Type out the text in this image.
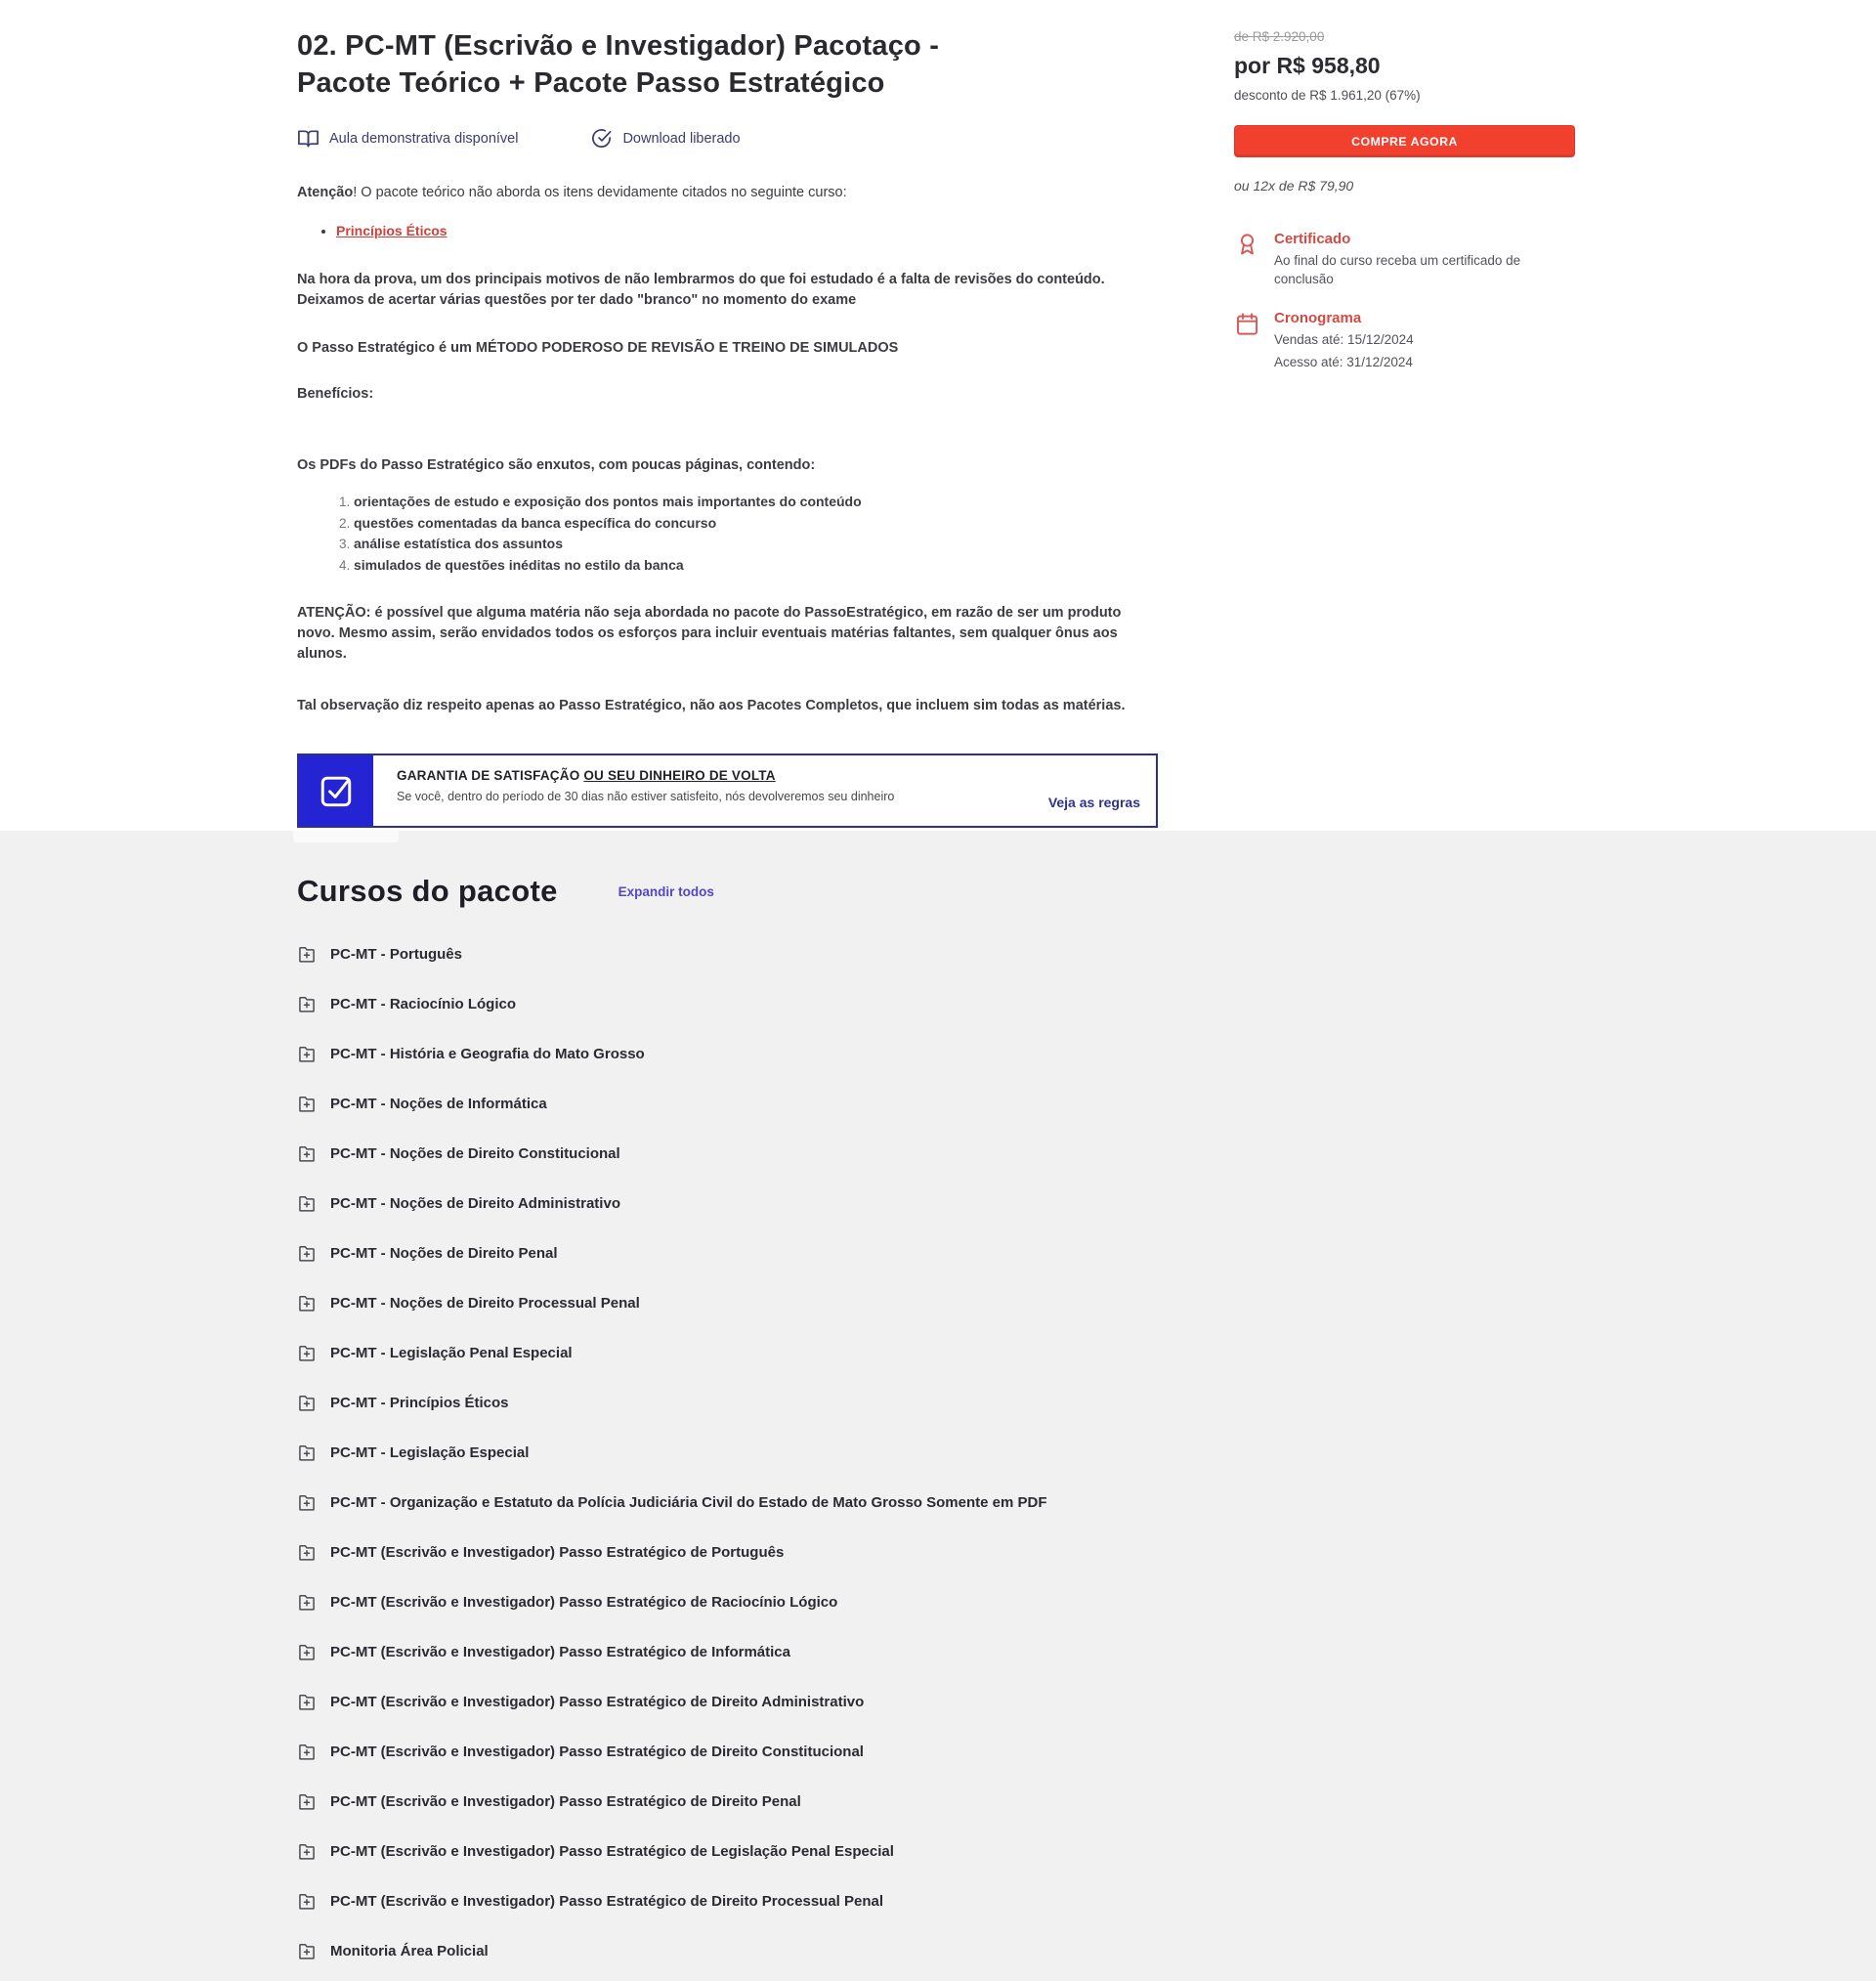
02. PC-MT (Escrivão e Investigador) Pacotaço - Pacote Teórico + Pacote Passo Estratégico
Aula demonstrativa disponível	Download liberado

Atenção! O pacote teórico não aborda os itens devidamente citados no seguinte curso:

• Princípios Éticos

Na hora da prova, um dos principais motivos de não lembrarmos do que foi estudado é a falta de revisões do conteúdo. Deixamos de acertar várias questões por ter dado "branco" no momento do exame

O Passo Estratégico é um MÉTODO PODEROSO DE REVISÃO E TREINO DE SIMULADOS

Benefícios:

Os PDFs do Passo Estratégico são enxutos, com poucas páginas, contendo:

1. orientações de estudo e exposição dos pontos mais importantes do conteúdo
2. questões comentadas da banca específica do concurso
3. análise estatística dos assuntos
4. simulados de questões inéditas no estilo da banca

ATENÇÃO: é possível que alguma matéria não seja abordada no pacote do PassoEstratégico, em razão de ser um produto novo. Mesmo assim, serão envidados todos os esforços para incluir eventuais matérias faltantes, sem qualquer ônus aos alunos.

Tal observação diz respeito apenas ao Passo Estratégico, não aos Pacotes Completos, que incluem sim todas as matérias.

GARANTIA DE SATISFAÇÃO OU SEU DINHEIRO DE VOLTA
Se você, dentro do período de 30 dias não estiver satisfeito, nós devolveremos seu dinheiro	Veja as regras
de R$ 2.920,00
por R$ 958,80
desconto de R$ 1.961,20 (67%)
COMPRE AGORA
ou 12x de R$ 79,90
Certificado
Ao final do curso receba um certificado de conclusão
Cronograma
Vendas até: 15/12/2024
Acesso até: 31/12/2024
Cursos do pacote	Expandir todos
PC-MT - Português
PC-MT - Raciocínio Lógico
PC-MT - História e Geografia do Mato Grosso
PC-MT - Noções de Informática
PC-MT - Noções de Direito Constitucional
PC-MT - Noções de Direito Administrativo
PC-MT - Noções de Direito Penal
PC-MT - Noções de Direito Processual Penal
PC-MT - Legislação Penal Especial
PC-MT - Princípios Éticos
PC-MT - Legislação Especial
PC-MT - Organização e Estatuto da Polícia Judiciária Civil do Estado de Mato Grosso Somente em PDF
PC-MT (Escrivão e Investigador) Passo Estratégico de Português
PC-MT (Escrivão e Investigador) Passo Estratégico de Raciocínio Lógico
PC-MT (Escrivão e Investigador) Passo Estratégico de Informática
PC-MT (Escrivão e Investigador) Passo Estratégico de Direito Administrativo
PC-MT (Escrivão e Investigador) Passo Estratégico de Direito Constitucional
PC-MT (Escrivão e Investigador) Passo Estratégico de Direito Penal
PC-MT (Escrivão e Investigador) Passo Estratégico de Legislação Penal Especial
PC-MT (Escrivão e Investigador) Passo Estratégico de Direito Processual Penal
Monitoria Área Policial
